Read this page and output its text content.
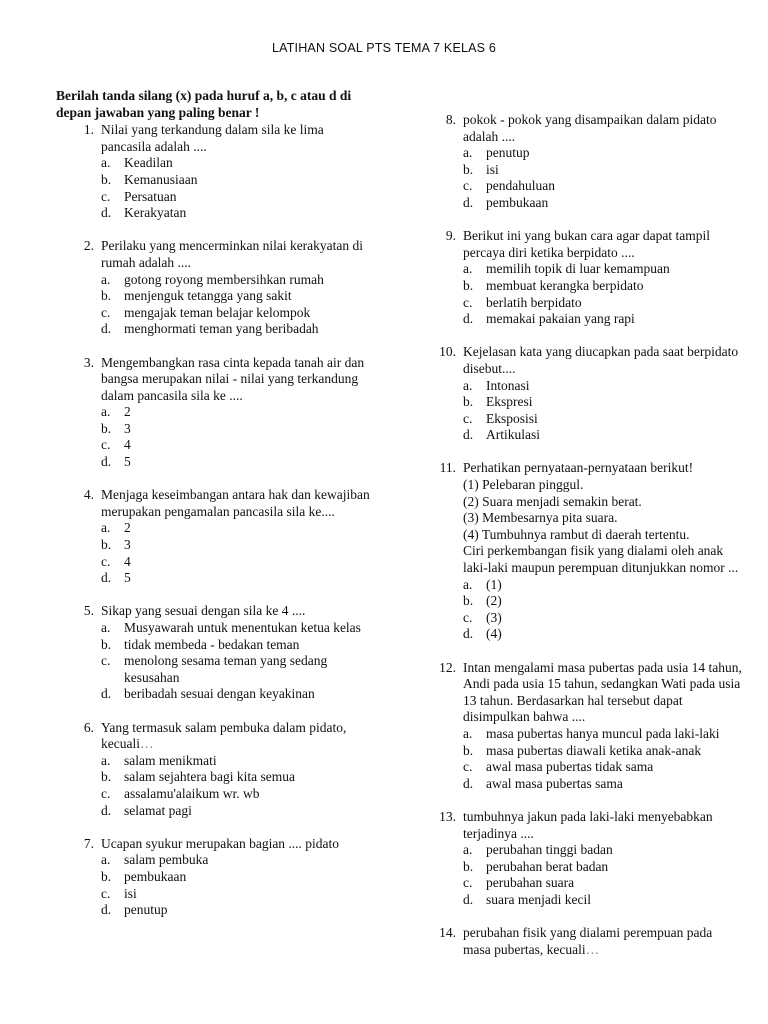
LATIHAN SOAL PTS TEMA 7 KELAS 6
Berilah tanda silang (x) pada huruf a, b, c atau d di depan jawaban yang paling benar !
1. Nilai yang terkandung dalam sila ke lima pancasila adalah ....
a.	Keadilan
b. Kemanusiaan
c.	Persatuan
d. Kerakyatan
2. Perilaku yang mencerminkan nilai kerakyatan di rumah adalah ....
a.	gotong royong membersihkan rumah
b. menjenguk tetangga yang sakit
c.	mengajak teman belajar kelompok
d. menghormati teman yang beribadah
3. Mengembangkan rasa cinta kepada tanah air dan bangsa merupakan nilai - nilai yang terkandung dalam pancasila sila ke ....
a.	2
b. 3
c.	4
d. 5
4. Menjaga keseimbangan antara hak dan kewajiban merupakan pengamalan pancasila sila ke....
a.	2
b. 3
c.	4
d. 5
5. Sikap yang sesuai dengan sila ke 4 ....
a.	Musyawarah untuk menentukan ketua kelas
b. tidak membeda - bedakan teman
c.	menolong sesama teman yang sedang kesusahan
d. beribadah sesuai dengan keyakinan
6. Yang termasuk salam pembuka dalam pidato, kecuali…
a.	salam menikmati
b. salam sejahtera bagi kita semua
c.	assalamu'alaikum wr. wb
d. selamat pagi
7. Ucapan syukur merupakan bagian .... pidato
a.	salam pembuka
b. pembukaan
c.	isi
d. penutup
8. pokok - pokok yang disampaikan dalam pidato adalah ....
a.	penutup
b. isi
c.	pendahuluan
d. pembukaan
9. Berikut ini yang bukan cara agar dapat tampil percaya diri ketika berpidato ....
a.	memilih topik di luar kemampuan
b. membuat kerangka berpidato
c.	berlatih berpidato
d. memakai pakaian yang rapi
10. Kejelasan kata yang diucapkan pada saat berpidato disebut....
a.	Intonasi
b. Ekspresi
c.	Eksposisi
d. Artikulasi
11. Perhatikan pernyataan-pernyataan berikut!
(1) Pelebaran pinggul.
(2) Suara menjadi semakin berat.
(3) Membesarnya pita suara.
(4) Tumbuhnya rambut di daerah tertentu.
Ciri perkembangan fisik yang dialami oleh anak laki-laki maupun perempuan ditunjukkan nomor ...
a.	(1)
b. (2)
c.	(3)
d. (4)
12. Intan mengalami masa pubertas pada usia 14 tahun, Andi pada usia 15 tahun, sedangkan Wati pada usia 13 tahun. Berdasarkan hal tersebut dapat disimpulkan bahwa ....
a.	masa pubertas hanya muncul pada laki-laki
b. masa pubertas diawali ketika anak-anak
c.	awal masa pubertas tidak sama
d. awal masa pubertas sama
13. tumbuhnya jakun pada laki-laki menyebabkan terjadinya ....
a.	perubahan tinggi badan
b. perubahan berat badan
c.	perubahan suara
d. suara menjadi kecil
14. perubahan fisik yang dialami perempuan pada masa pubertas, kecuali…
